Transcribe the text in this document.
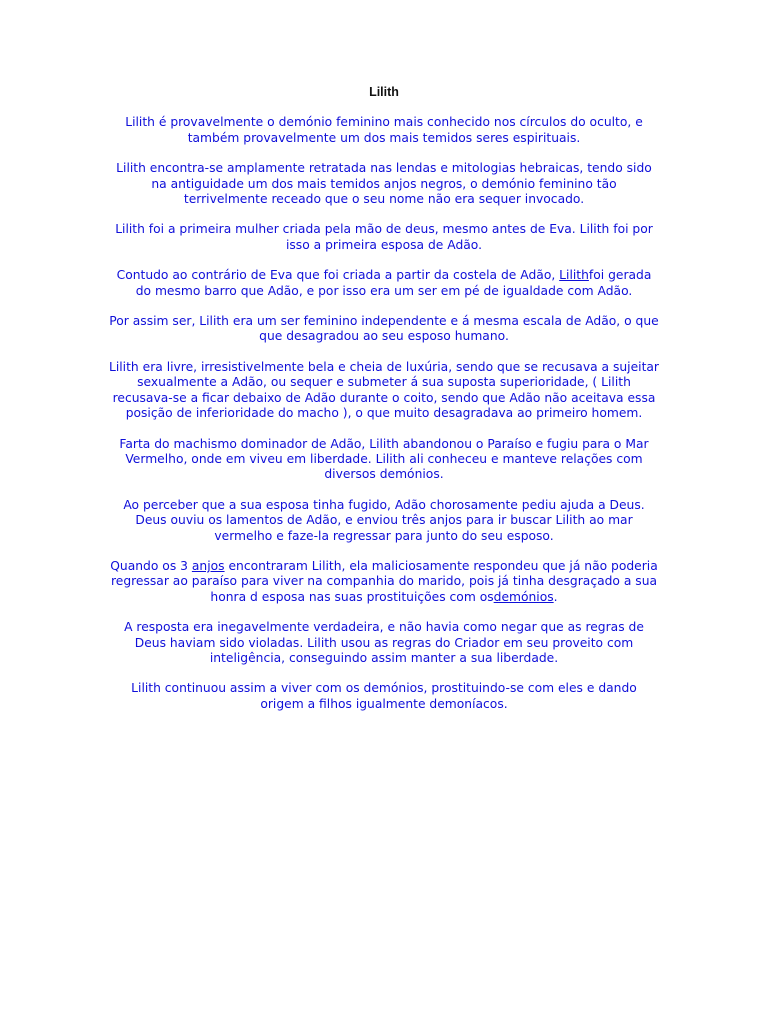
Lilith

Lilith é provavelmente o demónio feminino mais conhecido nos círculos do oculto, e também provavelmente um dos mais temidos seres espirituais.

Lilith encontra-se amplamente retratada nas lendas e mitologias hebraicas, tendo sido na antiguidade um dos mais temidos anjos negros, o demónio feminino tão terrivelmente receado que o seu nome não era sequer invocado.

Lilith foi a primeira mulher criada pela mão de deus, mesmo antes de Eva. Lilith foi por isso a primeira esposa de Adão.

Contudo ao contrário de Eva que foi criada a partir da costela de Adão, Lilithfoi gerada do mesmo barro que Adão, e por isso era um ser em pé de igualdade com Adão.

Por assim ser, Lilith era um ser feminino independente e á mesma escala de Adão, o que que desagradou ao seu esposo humano.

Lilith era livre, irresistivelmente bela e cheia de luxúria, sendo que se recusava a sujeitar sexualmente a Adão, ou sequer e submeter á sua suposta superioridade, ( Lilith recusava-se a ficar debaixo de Adão durante o coito, sendo que Adão não aceitava essa posição de inferioridade do macho ), o que muito desagradava ao primeiro homem.

Farta do machismo dominador de Adão, Lilith abandonou o Paraíso e fugiu para o Mar Vermelho, onde em viveu em liberdade. Lilith ali conheceu e manteve relações com diversos demónios.

Ao perceber que a sua esposa tinha fugido, Adão chorosamente pediu ajuda a Deus. Deus ouviu os lamentos de Adão, e enviou três anjos para ir buscar Lilith ao mar vermelho e faze-la regressar para junto do seu esposo.

Quando os 3 anjos encontraram Lilith, ela maliciosamente respondeu que já não poderia regressar ao paraíso para viver na companhia do marido, pois já tinha desgraçado a sua honra d esposa nas suas prostituições com osdemónios.

A resposta era inegavelmente verdadeira, e não havia como negar que as regras de Deus haviam sido violadas. Lilith usou as regras do Criador em seu proveito com inteligência, conseguindo assim manter a sua liberdade.

Lilith continuou assim a viver com os demónios, prostituindo-se com eles e dando origem a filhos igualmente demoníacos.
